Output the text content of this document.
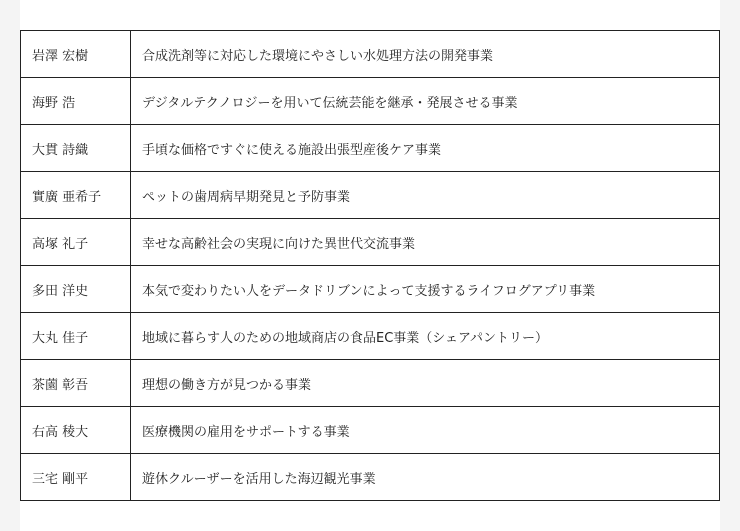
岩澤 宏樹	合成洗剤等に対応した環境にやさしい水処理方法の開発事業
海野 浩	デジタルテクノロジーを用いて伝統芸能を継承・発展させる事業
大貫 詩織	手頃な価格ですぐに使える施設出張型産後ケア事業
實廣 亜希子	ペットの歯周病早期発見と予防事業
高塚 礼子	幸せな高齢社会の実現に向けた異世代交流事業
多田 洋史	本気で変わりたい人をデータドリブンによって支援するライフログアプリ事業
大丸 佳子	地域に暮らす人のための地域商店の食品EC事業（シェアパントリー）
茶薗 彰吾	理想の働き方が見つかる事業
右高 稜大	医療機関の雇用をサポートする事業
三宅 剛平	遊休クルーザーを活用した海辺観光事業
